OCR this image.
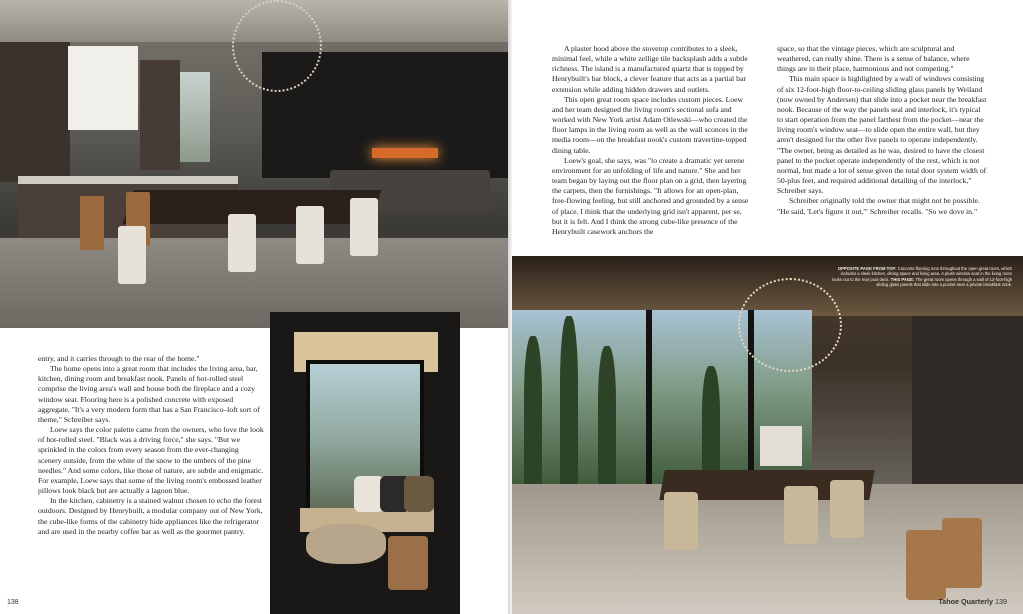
entry, and it carries through to the rear of the home."

The home opens into a great room that includes the living area, bar, kitchen, dining room and breakfast nook. Panels of hot-rolled steel comprise the living area's wall and house both the fireplace and a cozy window seat. Flooring here is a polished concrete with exposed aggregate. "It's a very modern form that has a San Francisco–loft sort of theme," Schreiber says.

Loew says the color palette came from the owners, who love the look of hot-rolled steel. "Black was a driving force," she says. "But we sprinkled in the colors from every season from the ever-changing scenery outside, from the white of the snow to the umbers of the pine needles." And some colors, like those of nature, are subtle and enigmatic. For example, Loew says that some of the living room's embossed leather pillows look black but are actually a lagoon blue.

In the kitchen, cabinetry is a stained walnut chosen to echo the forest outdoors. Designed by Henrybuilt, a modular company out of New York, the cube-like forms of the cabinetry hide appliances like the refrigerator and are used in the nearby coffee bar as well as the gourmet pantry.

138

A plaster hood above the stovetop contributes to a sleek, minimal feel, while a white zellige tile backsplash adds a subtle richness. The island is a manufactured quartz that is topped by Henrybuilt's bar block, a clever feature that acts as a partial bar extension while adding hidden drawers and outlets.

This open great room space includes custom pieces. Loew and her team designed the living room's sectional sofa and worked with New York artist Adam Otlewski—who created the floor lamps in the living room as well as the wall sconces in the media room—on the breakfast nook's custom travertine-topped dining table.

Loew's goal, she says, was "to create a dramatic yet serene environment for an unfolding of life and nature." She and her team began by laying out the floor plan on a grid, then layering the carpets, then the furnishings. "It allows for an open-plan, free-flowing feeling, but still anchored and grounded by a sense of place. I think that the underlying grid isn't apparent, per se, but it is felt. And I think the strong cube-like presence of the Henrybuilt casework anchors the

space, so that the vintage pieces, which are sculptural and weathered, can really shine. There is a sense of balance, where things are in their place, harmonious and not competing."

This main space is highlighted by a wall of windows consisting of six 12-foot-high floor-to-ceiling sliding glass panels by Weiland (now owned by Andersen) that slide into a pocket near the breakfast nook. Because of the way the panels seal and interlock, it's typical to start operation from the panel farthest from the pocket—near the living room's window seat—to slide open the entire wall, but they aren't designed for the other five panels to operate independently. "The owner, being as detailed as he was, desired to have the closest panel to the pocket operate independently of the rest, which is not normal, but made a lot of sense given the total door system width of 50-plus feet, and required additional detailing of the interlock," Schreiber says.

Schreiber originally told the owner that might not be possible. "He said, 'Let's figure it out,'" Schreiber recalls. "So we dove in."

OPPOSITE PAGE FROM TOP: Concrete flooring runs throughout the open great room, which includes a sleek kitchen, dining space and living area. A plush window seat in the living room looks out to the rear pool deck. THIS PAGE: The great room opens through a wall of 12-foot-high sliding glass panels that slide into a pocket near a private breakfast nook.
Tahoe Quarterly 139
